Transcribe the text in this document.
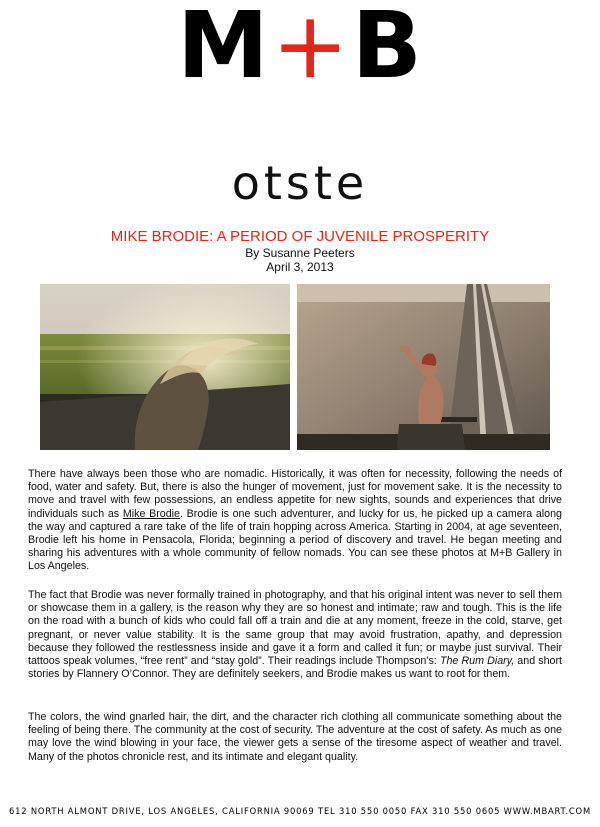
M + B
otste
MIKE BRODIE: A PERIOD OF JUVENILE PROSPERITY
By Susanne Peeters
April 3, 2013

There have always been those who are nomadic. Historically, it was often for necessity, following the needs of food, water and safety. But, there is also the hunger of movement, just for movement sake. It is the necessity to move and travel with few possessions, an endless appetite for new sights, sounds and experiences that drive individuals such as Mike Brodie. Brodie is one such adventurer, and lucky for us, he picked up a camera along the way and captured a rare take of the life of train hopping across America. Starting in 2004, at age seventeen, Brodie left his home in Pensacola, Florida; beginning a period of discovery and travel. He began meeting and sharing his adventures with a whole community of fellow nomads. You can see these photos at M+B Gallery in Los Angeles.

The fact that Brodie was never formally trained in photography, and that his original intent was never to sell them or showcase them in a gallery, is the reason why they are so honest and intimate; raw and tough. This is the life on the road with a bunch of kids who could fall off a train and die at any moment, freeze in the cold, starve, get pregnant, or never value stability. It is the same group that may avoid frustration, apathy, and depression because they followed the restlessness inside and gave it a form and called it fun; or maybe just survival. Their tattoos speak volumes, “free rent” and “stay gold”. Their readings include Thompson’s: The Rum Diary, and short stories by Flannery O’Connor. They are definitely seekers, and Brodie makes us want to root for them.

The colors, the wind gnarled hair, the dirt, and the character rich clothing all communicate something about the feeling of being there. The community at the cost of security. The adventure at the cost of safety. As much as one may love the wind blowing in your face, the viewer gets a sense of the tiresome aspect of weather and travel. Many of the photos chronicle rest, and its intimate and elegant quality.

612 NORTH ALMONT DRIVE, LOS ANGELES, CALIFORNIA 90069 TEL 310 550 0050 FAX 310 550 0605 WWW.MBART.COM
